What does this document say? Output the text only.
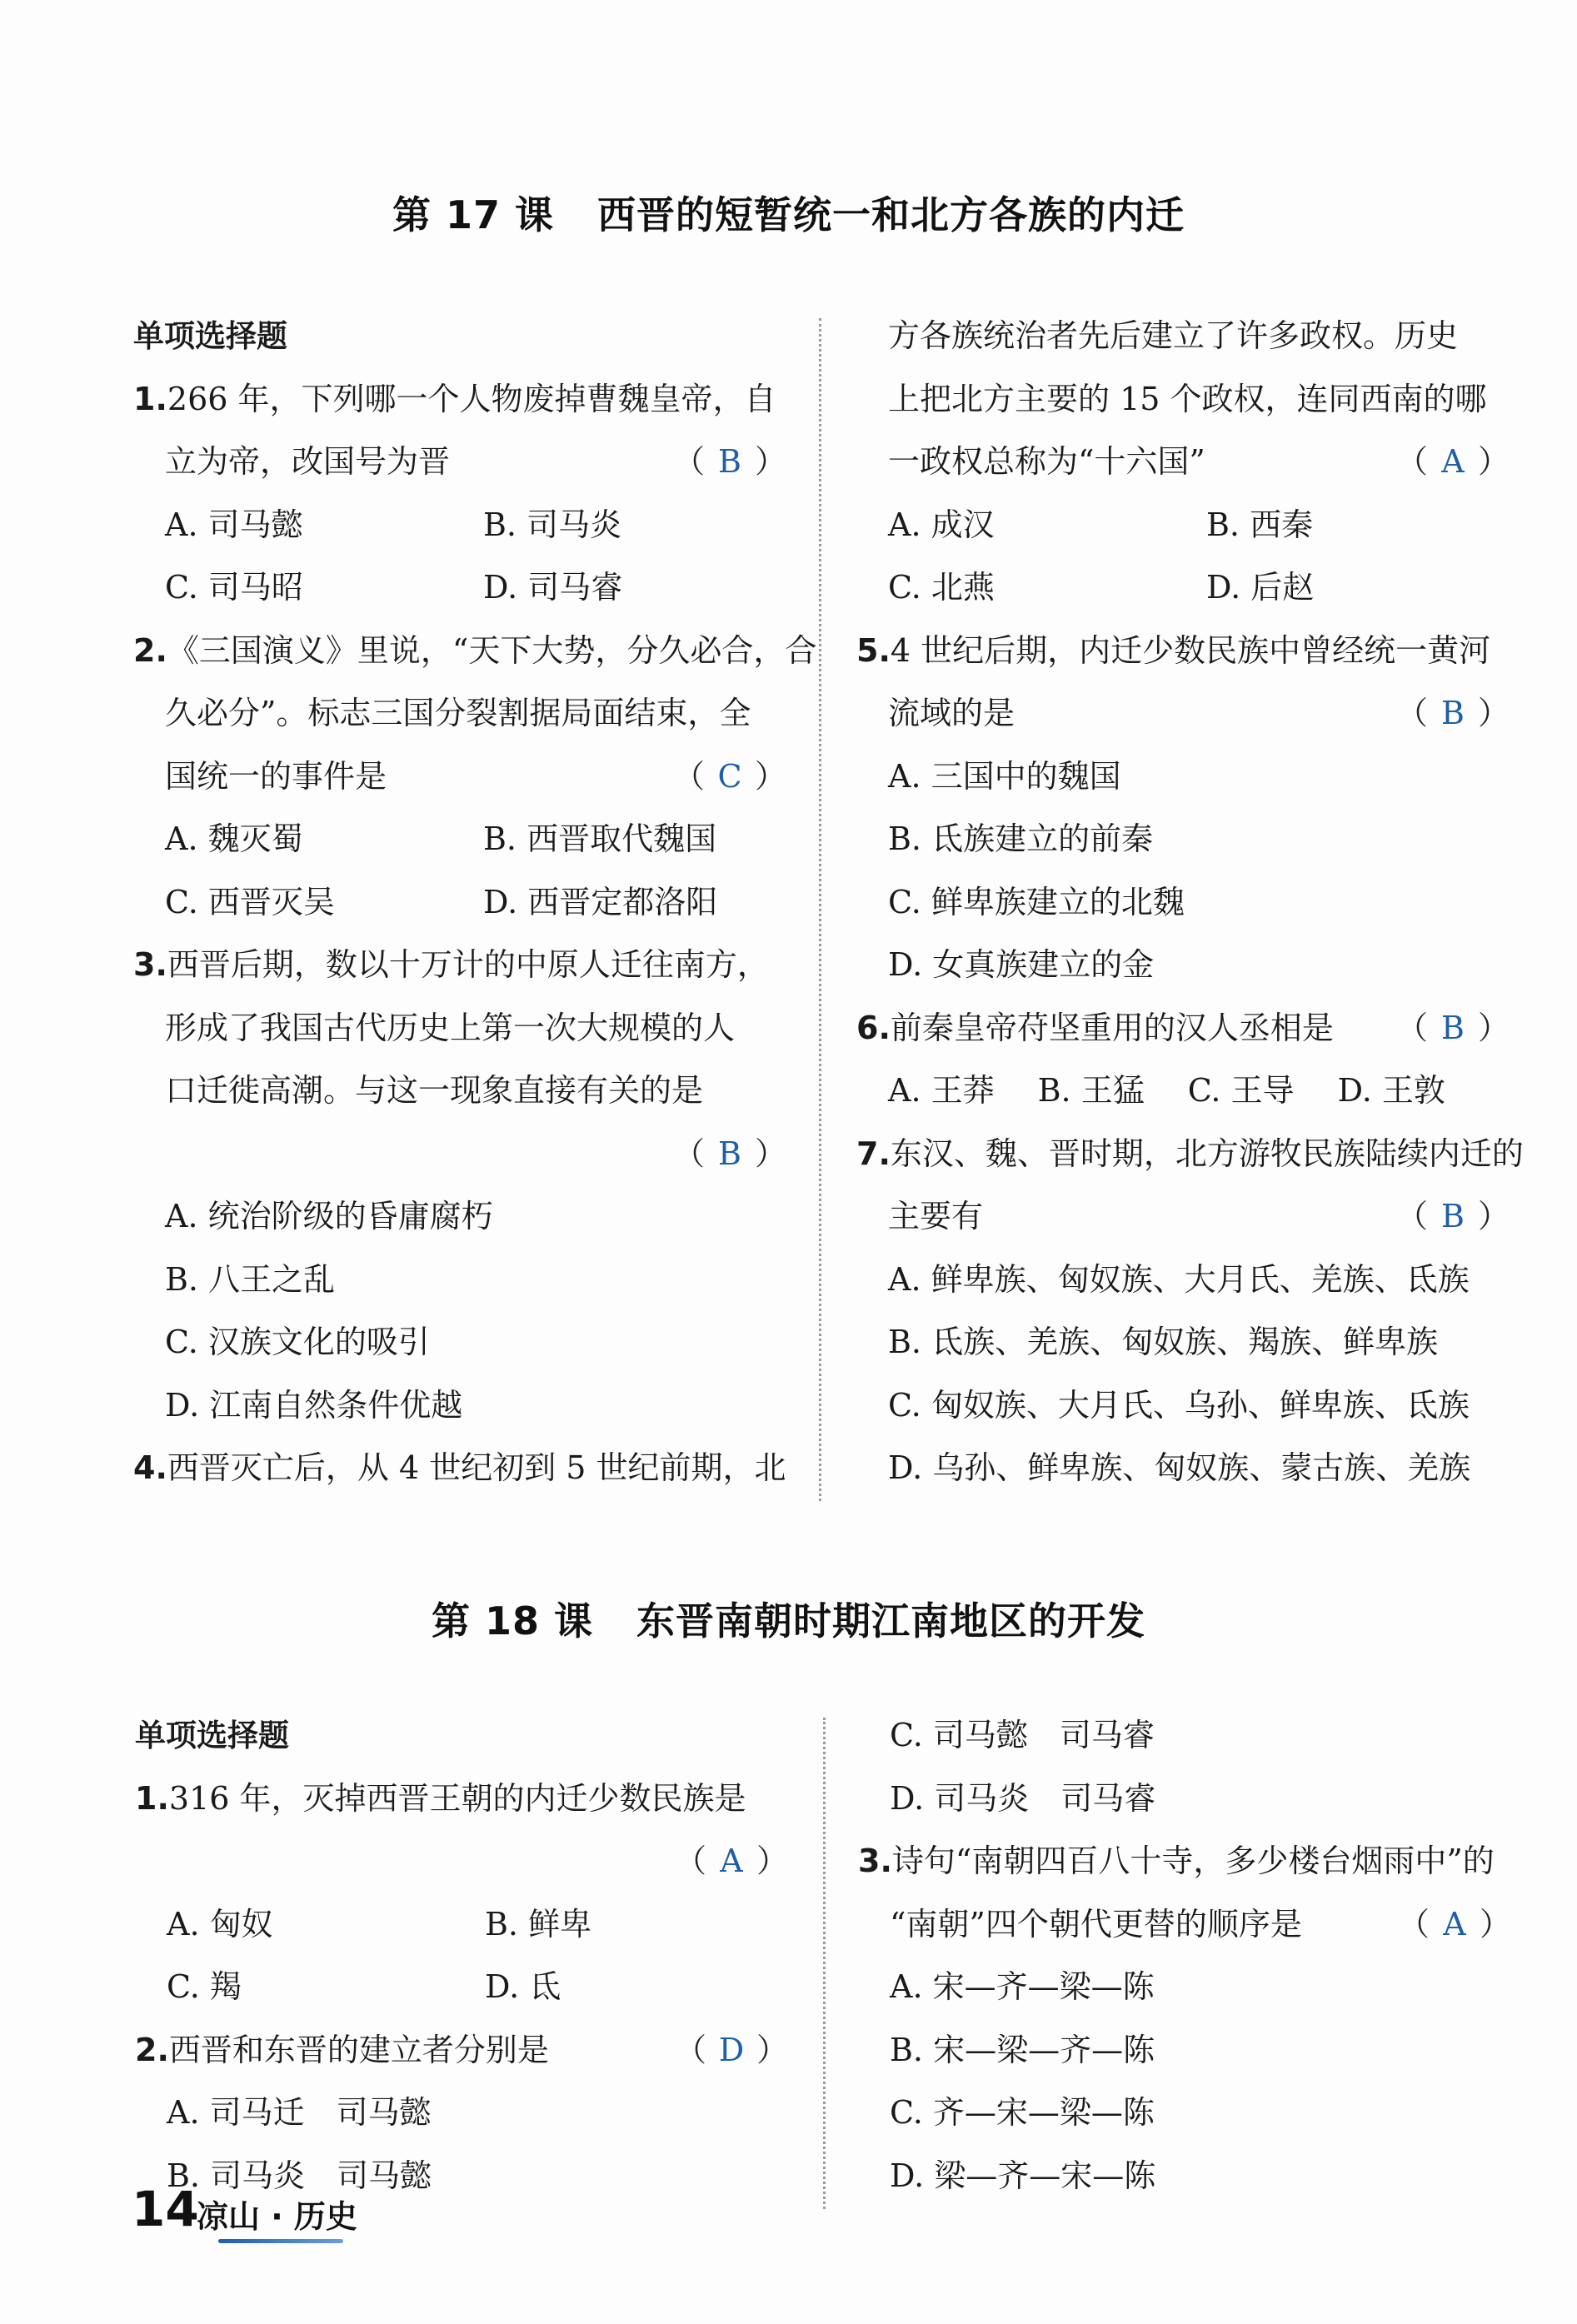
第 17 课 西晋的短暂统一和北方各族的内迁
单项选择题
1.266 年，下列哪一个人物废掉曹魏皇帝，自
立为帝，改国号为晋	（ B ）
A. 司马懿	B. 司马炎
C. 司马昭	D. 司马睿
2.《三国演义》里说，“天下大势，分久必合，合
久必分”。标志三国分裂割据局面结束，全
国统一的事件是	（ C ）
A. 魏灭蜀	B. 西晋取代魏国
C. 西晋灭吴	D. 西晋定都洛阳
3.西晋后期，数以十万计的中原人迁往南方，
形成了我国古代历史上第一次大规模的人
口迁徙高潮。与这一现象直接有关的是
（ B ）
A. 统治阶级的昏庸腐朽
B. 八王之乱
C. 汉族文化的吸引
D. 江南自然条件优越
4.西晋灭亡后，从 4 世纪初到 5 世纪前期，北
方各族统治者先后建立了许多政权。历史
上把北方主要的 15 个政权，连同西南的哪
一政权总称为“十六国”	（ A ）
A. 成汉	B. 西秦
C. 北燕	D. 后赵
5.4 世纪后期，内迁少数民族中曾经统一黄河
流域的是	（ B ）
A. 三国中的魏国
B. 氐族建立的前秦
C. 鲜卑族建立的北魏
D. 女真族建立的金
6.前秦皇帝苻坚重用的汉人丞相是 （ B ）
A. 王莽 B. 王猛 C. 王导 D. 王敦
7.东汉、魏、晋时期，北方游牧民族陆续内迁的
主要有	（ B ）
A. 鲜卑族、匈奴族、大月氏、羌族、氐族
B. 氐族、羌族、匈奴族、羯族、鲜卑族
C. 匈奴族、大月氏、乌孙、鲜卑族、氐族
D. 乌孙、鲜卑族、匈奴族、蒙古族、羌族
第 18 课 东晋南朝时期江南地区的开发
单项选择题
1.316 年，灭掉西晋王朝的内迁少数民族是
（ A ）
A. 匈奴	B. 鲜卑
C. 羯	D. 氐
2.西晋和东晋的建立者分别是	（ D ）
A. 司马迁　司马懿
B. 司马炎　司马懿
C. 司马懿　司马睿
D. 司马炎　司马睿
3.诗句“南朝四百八十寺，多少楼台烟雨中”的
“南朝”四个朝代更替的顺序是	（ A ）
A. 宋—齐—梁—陈
B. 宋—梁—齐—陈
C. 齐—宋—梁—陈
D. 梁—齐—宋—陈
14
凉山 · 历史
